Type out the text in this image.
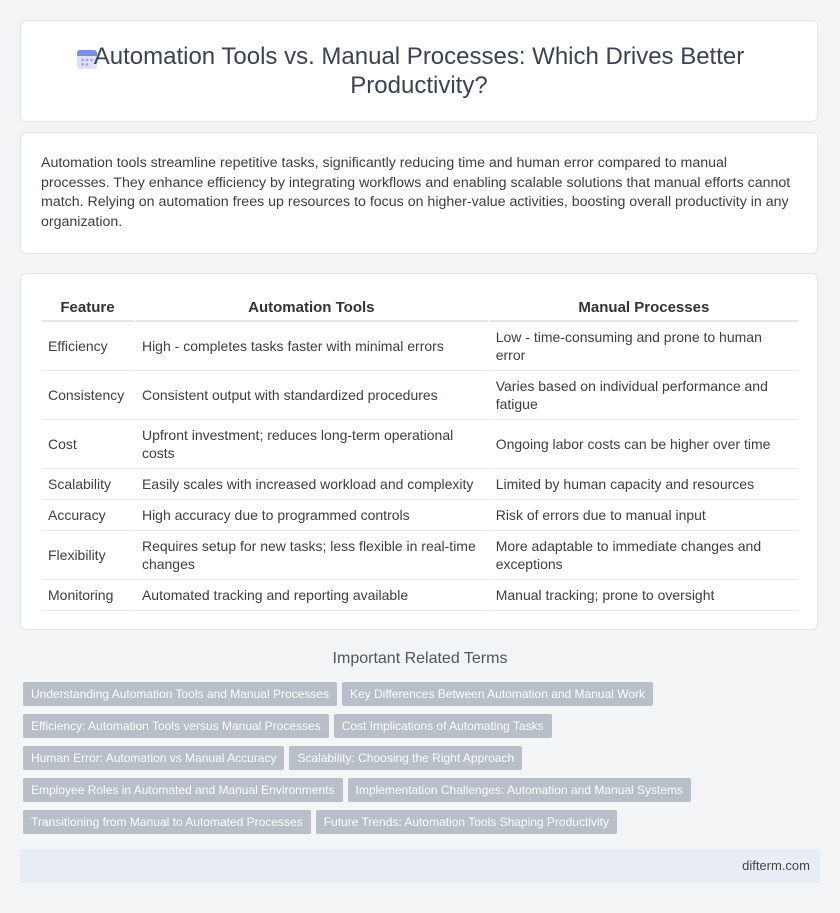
Automation Tools vs. Manual Processes: Which Drives Better Productivity?

Automation tools streamline repetitive tasks, significantly reducing time and human error compared to manual processes. They enhance efficiency by integrating workflows and enabling scalable solutions that manual efforts cannot match. Relying on automation frees up resources to focus on higher-value activities, boosting overall productivity in any organization.

Feature	Automation Tools	Manual Processes
Efficiency	High - completes tasks faster with minimal errors	Low - time-consuming and prone to human error
Consistency	Consistent output with standardized procedures	Varies based on individual performance and fatigue
Cost	Upfront investment; reduces long-term operational costs	Ongoing labor costs can be higher over time
Scalability	Easily scales with increased workload and complexity	Limited by human capacity and resources
Accuracy	High accuracy due to programmed controls	Risk of errors due to manual input
Flexibility	Requires setup for new tasks; less flexible in real-time changes	More adaptable to immediate changes and exceptions
Monitoring	Automated tracking and reporting available	Manual tracking; prone to oversight
Important Related Terms
Understanding Automation Tools and Manual Processes Key Differences Between Automation and Manual Work
Efficiency: Automation Tools versus Manual Processes Cost Implications of Automating Tasks
Human Error: Automation vs Manual Accuracy Scalability: Choosing the Right Approach
Employee Roles in Automated and Manual Environments Implementation Challenges: Automation and Manual Systems
Transitioning from Manual to Automated Processes Future Trends: Automation Tools Shaping Productivity
difterm.com
